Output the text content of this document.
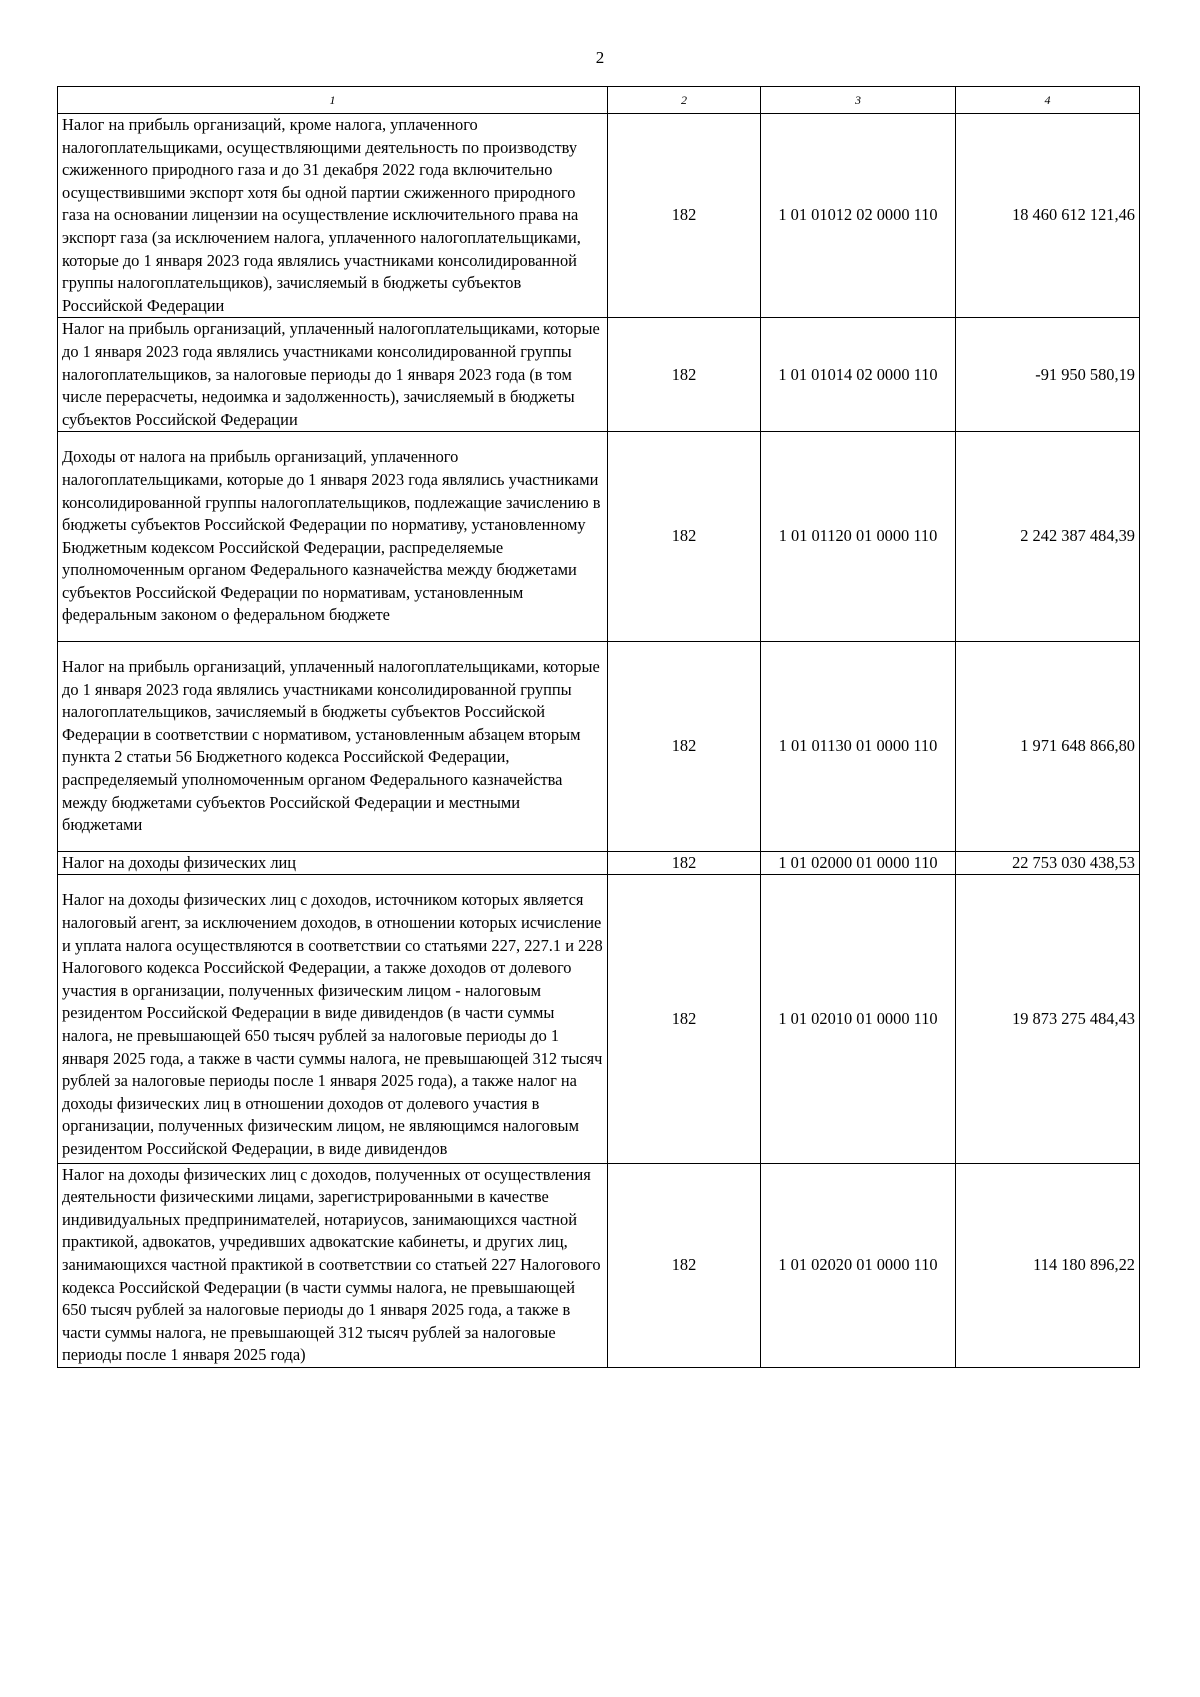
2
1	2	3	4
Налог на прибыль организаций, кроме налога, уплаченного налогоплательщиками, осуществляющими деятельность по производству сжиженного природного газа и до 31 декабря 2022 года включительно осуществившими экспорт хотя бы одной партии сжиженного природного газа на основании лицензии на осуществление исключительного права на экспорт газа (за исключением налога, уплаченного налогоплательщиками, которые до 1 января 2023 года являлись участниками консолидированной группы налогоплательщиков), зачисляемый в бюджеты субъектов Российской Федерации	182	1 01 01012 02 0000 110	18 460 612 121,46
Налог на прибыль организаций, уплаченный налогоплательщиками, которые до 1 января 2023 года являлись участниками консолидированной группы налогоплательщиков, за налоговые периоды до 1 января 2023 года (в том числе перерасчеты, недоимка и задолженность), зачисляемый в бюджеты субъектов Российской Федерации	182	1 01 01014 02 0000 110	-91 950 580,19
Доходы от налога на прибыль организаций, уплаченного налогоплательщиками, которые до 1 января 2023 года являлись участниками консолидированной группы налогоплательщиков, подлежащие зачислению в бюджеты субъектов Российской Федерации по нормативу, установленному Бюджетным кодексом Российской Федерации, распределяемые уполномоченным органом Федерального казначейства между бюджетами субъектов Российской Федерации по нормативам, установленным федеральным законом о федеральном бюджете	182	1 01 01120 01 0000 110	2 242 387 484,39
Налог на прибыль организаций, уплаченный налогоплательщиками, которые до 1 января 2023 года являлись участниками консолидированной группы налогоплательщиков, зачисляемый в бюджеты субъектов Российской Федерации в соответствии с нормативом, установленным абзацем вторым пункта 2 статьи 56 Бюджетного кодекса Российской Федерации, распределяемый уполномоченным органом Федерального казначейства между бюджетами субъектов Российской Федерации и местными бюджетами	182	1 01 01130 01 0000 110	1 971 648 866,80
Налог на доходы физических лиц	182	1 01 02000 01 0000 110	22 753 030 438,53
Налог на доходы физических лиц с доходов, источником которых является налоговый агент, за исключением доходов, в отношении которых исчисление и уплата налога осуществляются в соответствии со статьями 227, 227.1 и 228 Налогового кодекса Российской Федерации, а также доходов от долевого участия в организации, полученных физическим лицом - налоговым резидентом Российской Федерации в виде дивидендов (в части суммы налога, не превышающей 650 тысяч рублей за налоговые периоды до 1 января 2025 года, а также в части суммы налога, не превышающей 312 тысяч рублей за налоговые периоды после 1 января 2025 года), а также налог на доходы физических лиц в отношении доходов от долевого участия в организации, полученных физическим лицом, не являющимся налоговым резидентом Российской Федерации, в виде дивидендов	182	1 01 02010 01 0000 110	19 873 275 484,43
Налог на доходы физических лиц с доходов, полученных от осуществления деятельности физическими лицами, зарегистрированными в качестве индивидуальных предпринимателей, нотариусов, занимающихся частной практикой, адвокатов, учредивших адвокатские кабинеты, и других лиц, занимающихся частной практикой в соответствии со статьей 227 Налогового кодекса Российской Федерации (в части суммы налога, не превышающей 650 тысяч рублей за налоговые периоды до 1 января 2025 года, а также в части суммы налога, не превышающей 312 тысяч рублей за налоговые периоды после 1 января 2025 года)	182	1 01 02020 01 0000 110	114 180 896,22
